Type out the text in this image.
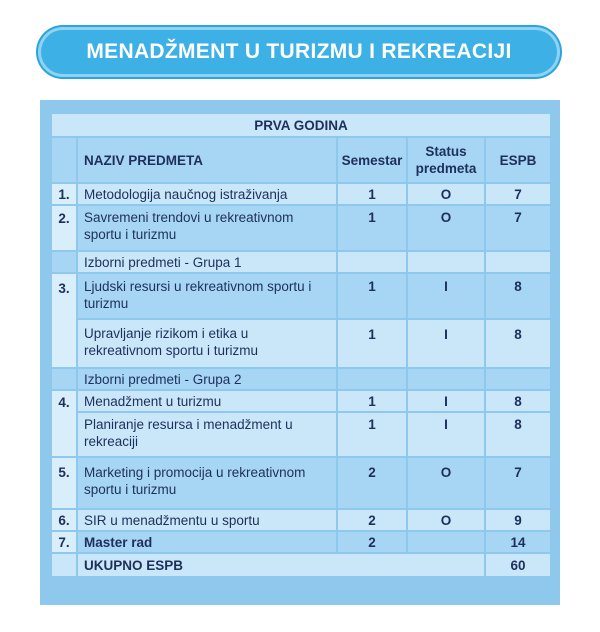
MENADŽMENT U TURIZMU I REKREACIJI
PRVA GODINA				
	NAZIV PREDMETA	Semestar	Status predmeta	ESPB
1.	Metodologija naučnog istraživanja	1	O	7
2.	Savremeni trendovi u rekreativnom sportu i turizmu	1	O	7
	Izborni predmeti - Grupa 1			
3.	Ljudski resursi u rekreativnom sportu i turizmu	1	I	8
	Upravljanje rizikom i etika u rekreativnom sportu i turizmu	1	I	8
	Izborni predmeti - Grupa 2			
4.	Menadžment u turizmu	1	I	8
	Planiranje resursa i menadžment u rekreaciji	1	I	8
5.	Marketing i promocija u rekreativnom sportu i turizmu	2	O	7
6.	SIR u menadžmentu u sportu	2	O	9
7.	Master rad	2		14
	UKUPNO ESPB			60
